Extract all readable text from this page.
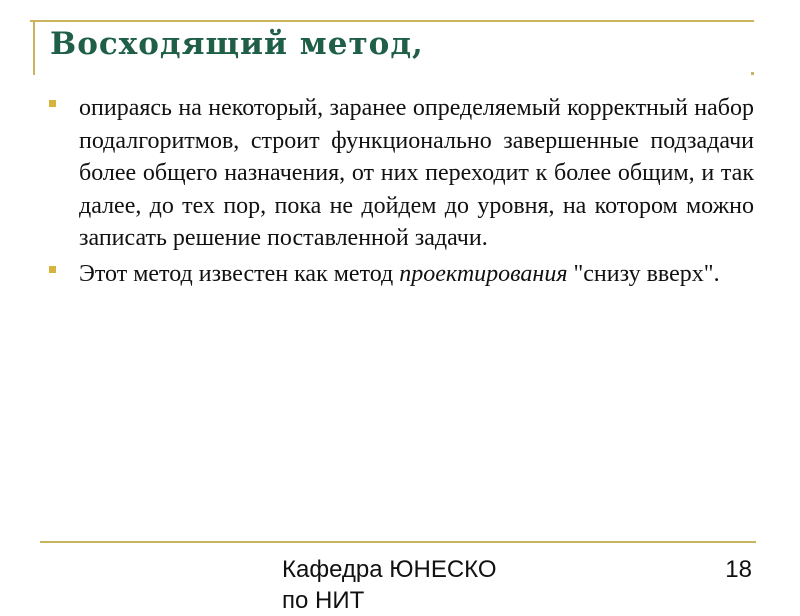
Восходящий метод,
опираясь на некоторый, заранее определяемый корректный набор подалгоритмов, строит функционально завершенные подзадачи более общего назначения, от них переходит к более общим, и так далее, до тех пор, пока не дойдем до уровня, на котором можно записать решение поставленной задачи.
Этот метод известен как метод проектирования "снизу вверх".
Кафедра ЮНЕСКО по НИТ
18
